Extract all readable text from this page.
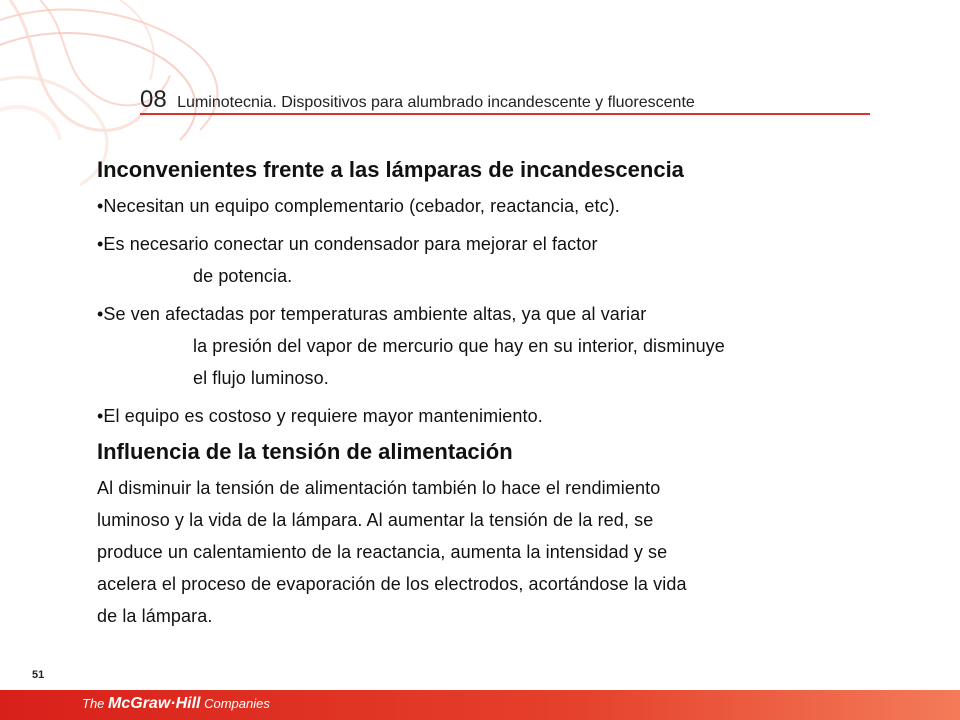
08 Luminotecnia. Dispositivos para alumbrado incandescente y fluorescente
Inconvenientes frente a las lámparas de incandescencia

•Necesitan un equipo complementario (cebador, reactancia, etc).

•Es necesario conectar un condensador para mejorar el factor
de potencia.

•Se ven afectadas por temperaturas ambiente altas, ya que al variar
la presión del vapor de mercurio que hay en su interior, disminuye
el flujo luminoso.

•El equipo es costoso y requiere mayor mantenimiento.

Influencia de la tensión de alimentación

Al disminuir la tensión de alimentación también lo hace el rendimiento
luminoso y la vida de la lámpara. Al aumentar la tensión de la red, se
produce un calentamiento de la reactancia, aumenta la intensidad y se
acelera el proceso de evaporación de los electrodos, acortándose la vida
de la lámpara.

51
The McGraw·Hill Companies
